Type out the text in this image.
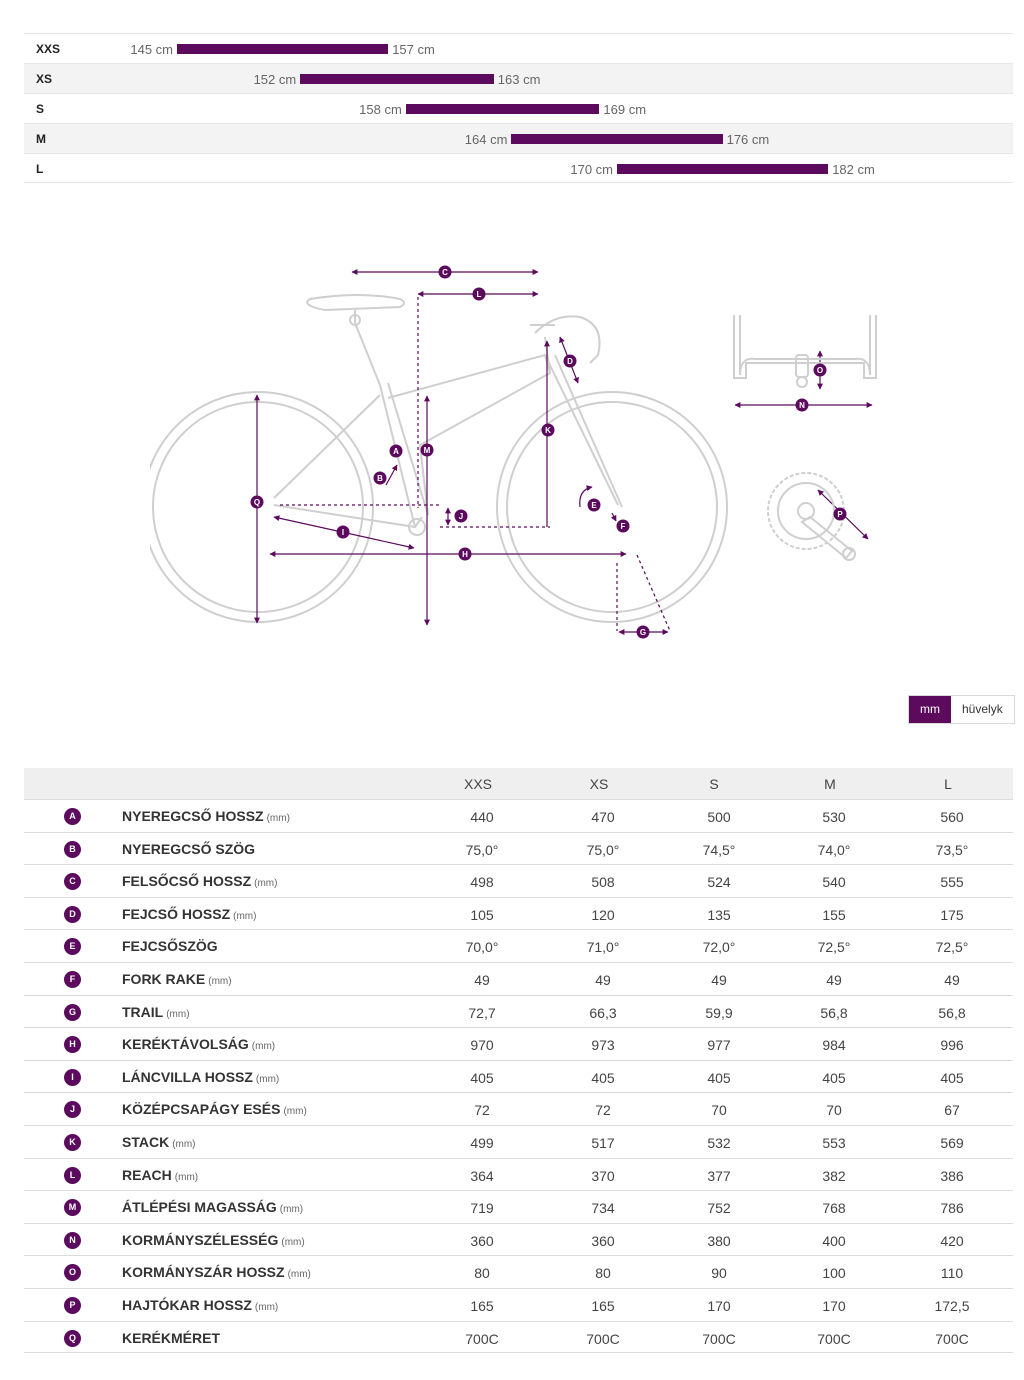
XXS	145 cm	157 cm
XS	152 cm	163 cm
S	158 cm	169 cm
M	164 cm	176 cm
L	170 cm	182 cm
A
B
C
D
E
F
G
H
I
J
K
L
M
N
O
P
Q
mm	hüvelyk
XXS	XS	S	M	L
A	NYEREGCSŐ HOSSZ (mm)	440	470	500	530	560
B	NYEREGCSŐ SZÖG	75,0°	75,0°	74,5°	74,0°	73,5°
C	FELSŐCSŐ HOSSZ (mm)	498	508	524	540	555
D	FEJCSŐ HOSSZ (mm)	105	120	135	155	175
E	FEJCSŐSZÖG	70,0°	71,0°	72,0°	72,5°	72,5°
F	FORK RAKE (mm)	49	49	49	49	49
G	TRAIL (mm)	72,7	66,3	59,9	56,8	56,8
H	KERÉKTÁVOLSÁG (mm)	970	973	977	984	996
I	LÁNCVILLA HOSSZ (mm)	405	405	405	405	405
J	KÖZÉPCSAPÁGY ESÉS (mm)	72	72	70	70	67
K	STACK (mm)	499	517	532	553	569
L	REACH (mm)	364	370	377	382	386
M	ÁTLÉPÉSI MAGASSÁG (mm)	719	734	752	768	786
N	KORMÁNYSZÉLESSÉG (mm)	360	360	380	400	420
O	KORMÁNYSZÁR HOSSZ (mm)	80	80	90	100	110
P	HAJTÓKAR HOSSZ (mm)	165	165	170	170	172,5
Q	KERÉKMÉRET	700C	700C	700C	700C	700C
